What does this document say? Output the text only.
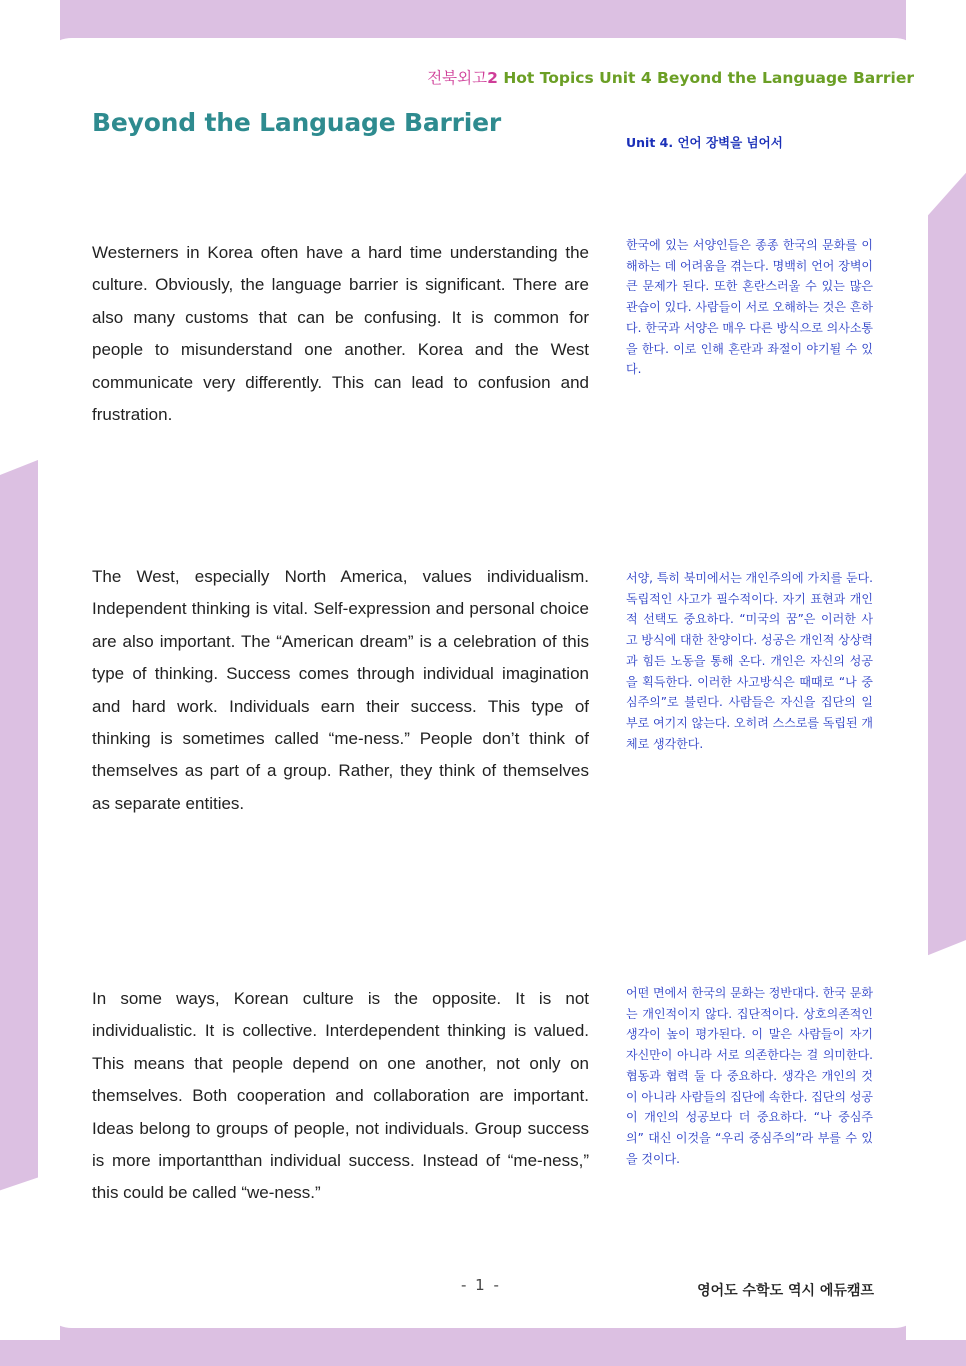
전북외고2 Hot Topics Unit 4 Beyond the Language Barrier
Beyond the Language Barrier
Unit 4. 언어 장벽을 넘어서

Westerners in Korea often have a hard time understanding the culture. Obviously, the language barrier is significant. There are also many customs that can be confusing. It is common for people to misunderstand one another. Korea and the West communicate very differently. This can lead to confusion and frustration.

한국에 있는 서양인들은 종종 한국의 문화를 이해하는 데 어려움을 겪는다. 명백히 언어 장벽이 큰 문제가 된다. 또한 혼란스러울 수 있는 많은 관습이 있다. 사람들이 서로 오해하는 것은 흔하다. 한국과 서양은 매우 다른 방식으로 의사소통을 한다. 이로 인해 혼란과 좌절이 야기될 수 있다.

The West, especially North America, values individualism. Independent thinking is vital. Self-expression and personal choice are also important. The “American dream” is a celebration of this type of thinking. Success comes through individual imagination and hard work. Individuals earn their success. This type of thinking is sometimes called “me-ness.” People don’t think of themselves as part of a group. Rather, they think of themselves as separate entities.

서양, 특히 북미에서는 개인주의에 가치를 둔다. 독립적인 사고가 필수적이다. 자기 표현과 개인적 선택도 중요하다. “미국의 꿈”은 이러한 사고 방식에 대한 찬양이다. 성공은 개인적 상상력과 힘든 노동을 통해 온다. 개인은 자신의 성공을 획득한다. 이러한 사고방식은 때때로 “나 중심주의”로 불린다. 사람들은 자신을 집단의 일부로 여기지 않는다. 오히려 스스로를 독립된 개체로 생각한다.

In some ways, Korean culture is the opposite. It is not individualistic. It is collective. Interdependent thinking is valued. This means that people depend on one another, not only on themselves. Both cooperation and collaboration are important. Ideas belong to groups of people, not individuals. Group success is more importantthan individual success. Instead of “me-ness,” this could be called “we-ness.”

어떤 면에서 한국의 문화는 정반대다. 한국 문화는 개인적이지 않다. 집단적이다. 상호의존적인 생각이 높이 평가된다. 이 말은 사람들이 자기 자신만이 아니라 서로 의존한다는 걸 의미한다. 협동과 협력 둘 다 중요하다. 생각은 개인의 것이 아니라 사람들의 집단에 속한다. 집단의 성공이 개인의 성공보다 더 중요하다. “나 중심주의” 대신 이것을 “우리 중심주의”라 부를 수 있을 것이다.

- 1 -	영어도 수학도 역시 에듀캠프
